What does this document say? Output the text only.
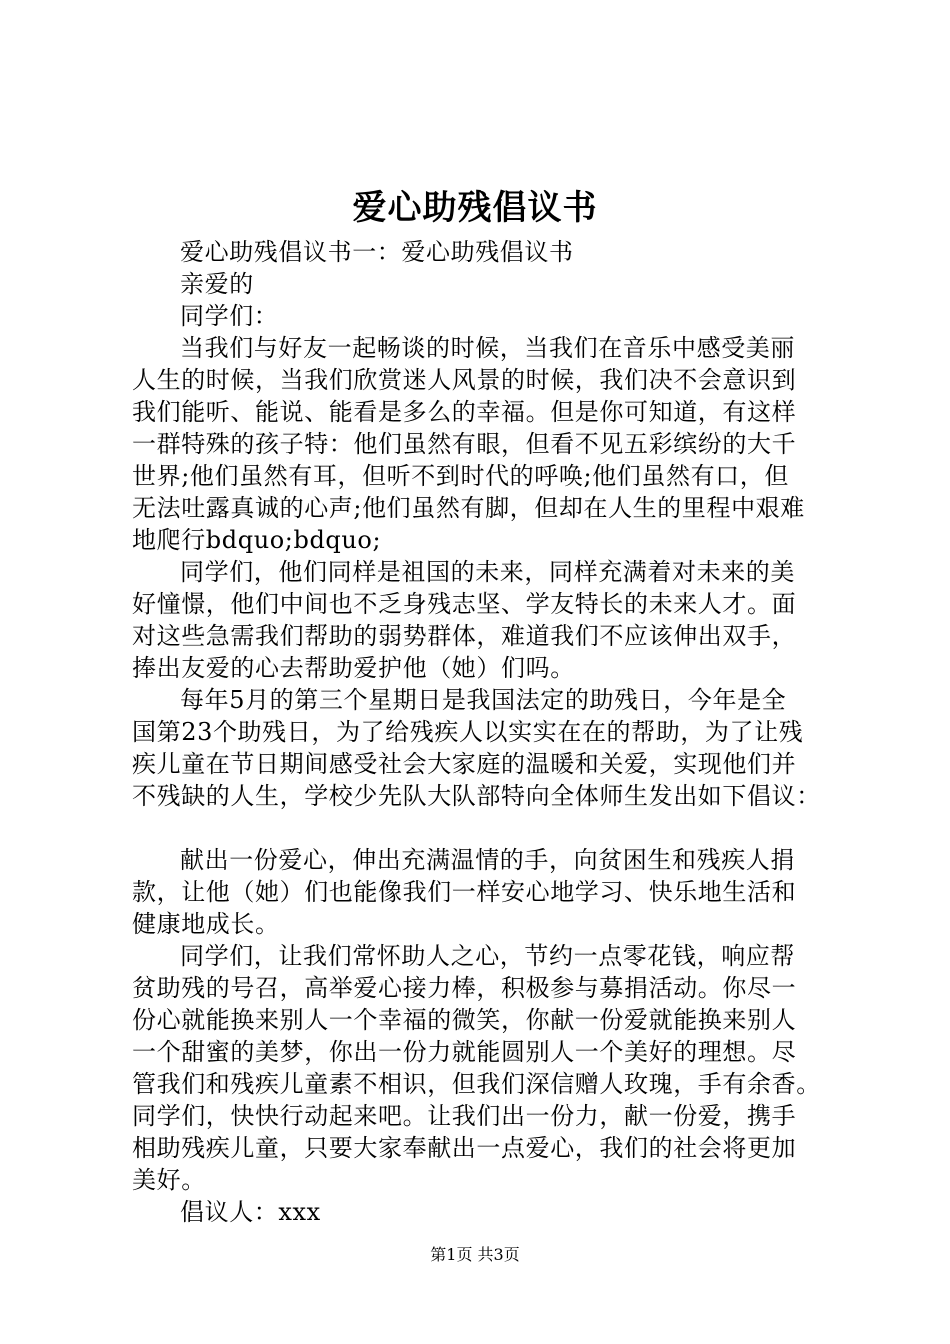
爱心助残倡议书
爱心助残倡议书一：爱心助残倡议书
亲爱的
同学们：
当我们与好友一起畅谈的时候，当我们在音乐中感受美丽
人生的时候，当我们欣赏迷人风景的时候，我们决不会意识到
我们能听、能说、能看是多么的幸福。但是你可知道，有这样
一群特殊的孩子特：他们虽然有眼，但看不见五彩缤纷的大千
世界;他们虽然有耳，但听不到时代的呼唤;他们虽然有口，但
无法吐露真诚的心声;他们虽然有脚，但却在人生的里程中艰难
地爬行bdquo;bdquo;
同学们，他们同样是祖国的未来，同样充满着对未来的美
好憧憬，他们中间也不乏身残志坚、学友特长的未来人才。面
对这些急需我们帮助的弱势群体，难道我们不应该伸出双手，
捧出友爱的心去帮助爱护他（她）们吗。
每年5月的第三个星期日是我国法定的助残日，今年是全
国第23个助残日，为了给残疾人以实实在在的帮助，为了让残
疾儿童在节日期间感受社会大家庭的温暖和关爱，实现他们并
不残缺的人生，学校少先队大队部特向全体师生发出如下倡议：
献出一份爱心，伸出充满温情的手，向贫困生和残疾人捐
款，让他（她）们也能像我们一样安心地学习、快乐地生活和
健康地成长。
同学们，让我们常怀助人之心，节约一点零花钱，响应帮
贫助残的号召，高举爱心接力棒，积极参与募捐活动。你尽一
份心就能换来别人一个幸福的微笑，你献一份爱就能换来别人
一个甜蜜的美梦，你出一份力就能圆别人一个美好的理想。尽
管我们和残疾儿童素不相识，但我们深信赠人玫瑰，手有余香。
同学们，快快行动起来吧。让我们出一份力，献一份爱，携手
相助残疾儿童，只要大家奉献出一点爱心，我们的社会将更加
美好。
倡议人：xxx
第1页 共3页
